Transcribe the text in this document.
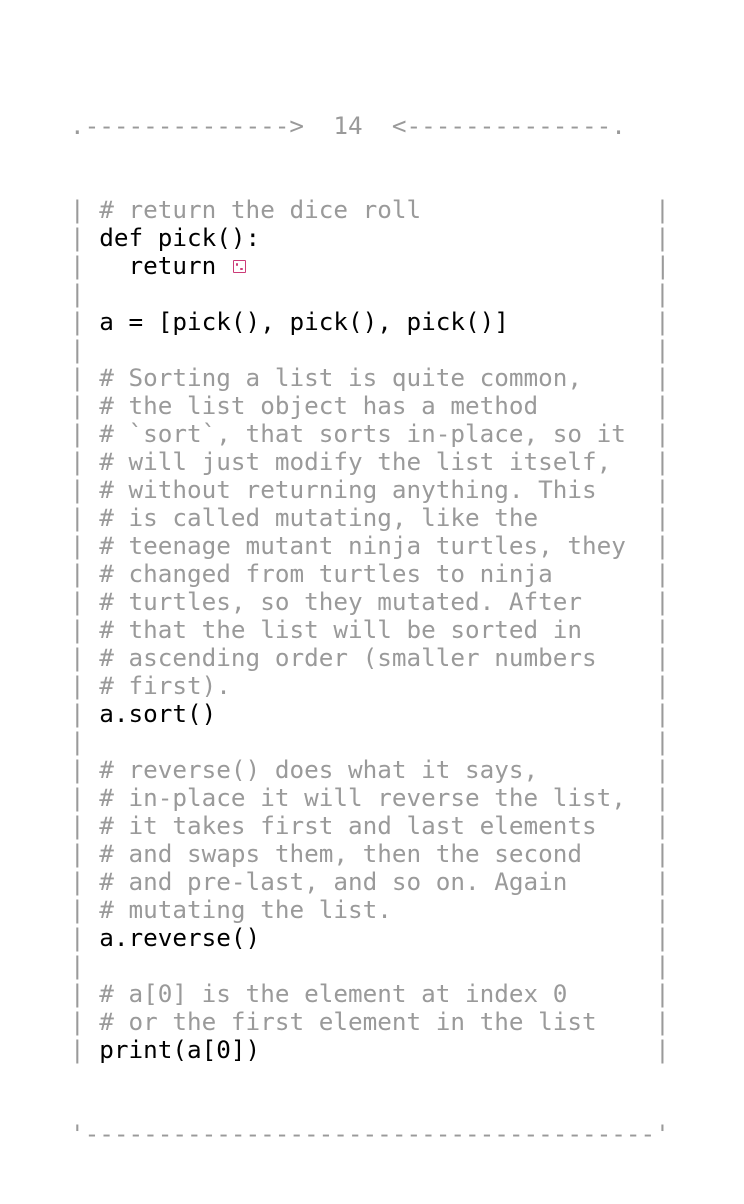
.--------------> 14 <--------------.

| # return the dice roll	|
| def pick():	|
|   return	|
|	|
| a = [pick(), pick(), pick()]	|
|	|
| # Sorting a list is quite common,	|
| # the list object has a method	|
| # `sort`, that sorts in-place, so it |
| # will just modify the list itself, |
| # without returning anything. This |
| # is called mutating, like the	|
| # teenage mutant ninja turtles, they |
| # changed from turtles to ninja	|
| # turtles, so they mutated. After	|
| # that the list will be sorted in	|
| # ascending order (smaller numbers |
| # first).	|
| a.sort()	|
|	|
| # reverse() does what it says,	|
| # in-place it will reverse the list, |
| # it takes first and last elements |
| # and swaps them, then the second	|
| # and pre-last, and so on. Again	|
| # mutating the list.	|
| a.reverse()	|
|	|
| # a[0] is the element at index 0	|
| # or the first element in the list |
| print(a[0])	|

'---------------------------------------'
